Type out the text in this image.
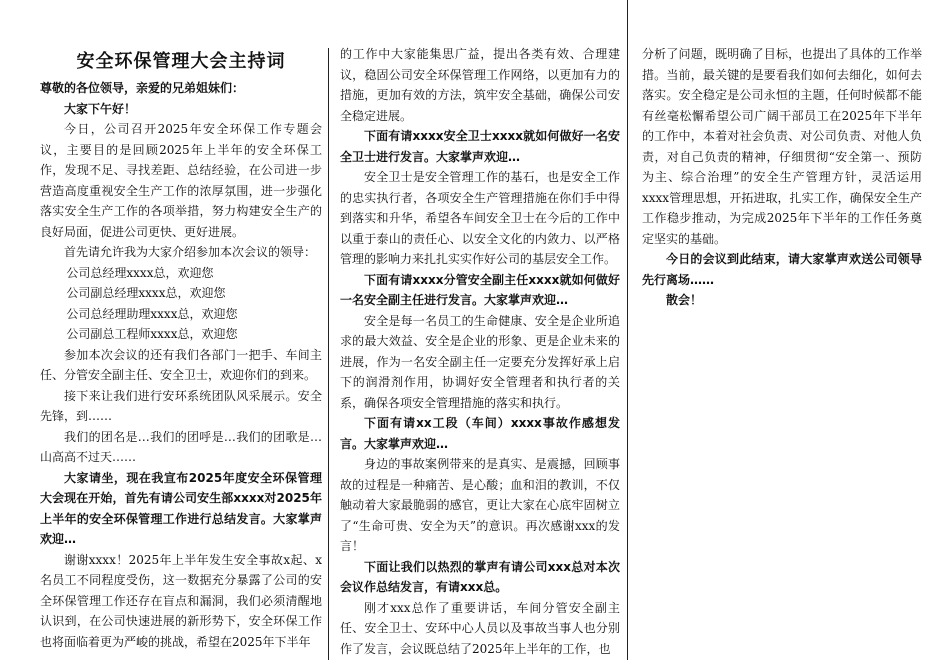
安全环保管理大会主持词

尊敬的各位领导，亲爱的兄弟姐妹们：

大家下午好！

今日，公司召开2025年安全环保工作专题会议，主要目的是回顾2025年上半年的安全环保工作，发现不足、寻找差距、总结经验，在公司进一步营造高度重视安全生产工作的浓厚氛围，进一步强化落实安全生产工作的各项举措，努力构建安全生产的良好局面，促进公司更快、更好进展。

首先请允许我为大家介绍参加本次会议的领导：

公司总经理xxxx总，欢迎您

公司副总经理xxxx总，欢迎您

公司总经理助理xxxx总，欢迎您

公司副总工程师xxxx总，欢迎您

参加本次会议的还有我们各部门一把手、车间主任、分管安全副主任、安全卫士，欢迎你们的到来。

接下来让我们进行安环系统团队风采展示。安全先锋，到……

我们的团名是…我们的团呼是…我们的团歌是…山高高不过天……

大家请坐，现在我宣布2025年度安全环保管理大会现在开始，首先有请公司安生部xxxx对2025年上半年的安全环保管理工作进行总结发言。大家掌声欢迎…

谢谢xxxx！2025年上半年发生安全事故x起、x名员工不同程度受伤，这一数据充分暴露了公司的安全环保管理工作还存在盲点和漏洞，我们必须清醒地认识到，在公司快速进展的新形势下，安全环保工作也将面临着更为严峻的挑战，希望在2025年下半年

的工作中大家能集思广益，提出各类有效、合理建议，稳固公司安全环保管理工作网络，以更加有力的措施，更加有效的方法，筑牢安全基础，确保公司安全稳定进展。

下面有请xxxx安全卫士xxxx就如何做好一名安全卫士进行发言。大家掌声欢迎…

安全卫士是安全管理工作的基石，也是安全工作的忠实执行者，各项安全生产管理措施在你们手中得到落实和升华，希望各车间安全卫士在今后的工作中以重于泰山的责任心、以安全文化的内敛力、以严格管理的影响力来扎扎实实作好公司的基层安全工作。

下面有请xxxx分管安全副主任xxxx就如何做好一名安全副主任进行发言。大家掌声欢迎…

安全是每一名员工的生命健康、安全是企业所追求的最大效益、安全是企业的形象、更是企业未来的进展，作为一名安全副主任一定要充分发挥好承上启下的润滑剂作用，协调好安全管理者和执行者的关系，确保各项安全管理措施的落实和执行。

下面有请xx工段（车间）xxxx事故作感想发言。大家掌声欢迎…

身边的事故案例带来的是真实、是震撼，回顾事故的过程是一种痛苦、是心酸；血和泪的教训，不仅触动着大家最脆弱的感官，更让大家在心底牢固树立了“生命可贵、安全为天”的意识。再次感谢xxx的发言！

下面让我们以热烈的掌声有请公司xxx总对本次会议作总结发言，有请xxx总。

刚才xxx总作了重要讲话，车间分管安全副主任、安全卫士、安环中心人员以及事故当事人也分别作了发言，会议既总结了2025年上半年的工作，也

分析了问题，既明确了目标，也提出了具体的工作举措。当前，最关键的是要看我们如何去细化，如何去落实。安全稳定是公司永恒的主题，任何时候都不能有丝毫松懈希望公司广阔干部员工在2025年下半年的工作中，本着对社会负责、对公司负责、对他人负责，对自己负责的精神，仔细贯彻“安全第一、预防为主、综合治理”的安全生产管理方针，灵活运用xxxx管理思想，开拓进取，扎实工作，确保安全生产工作稳步推动，为完成2025年下半年的工作任务奠定坚实的基础。

今日的会议到此结束，请大家掌声欢送公司领导先行离场……

散会！
